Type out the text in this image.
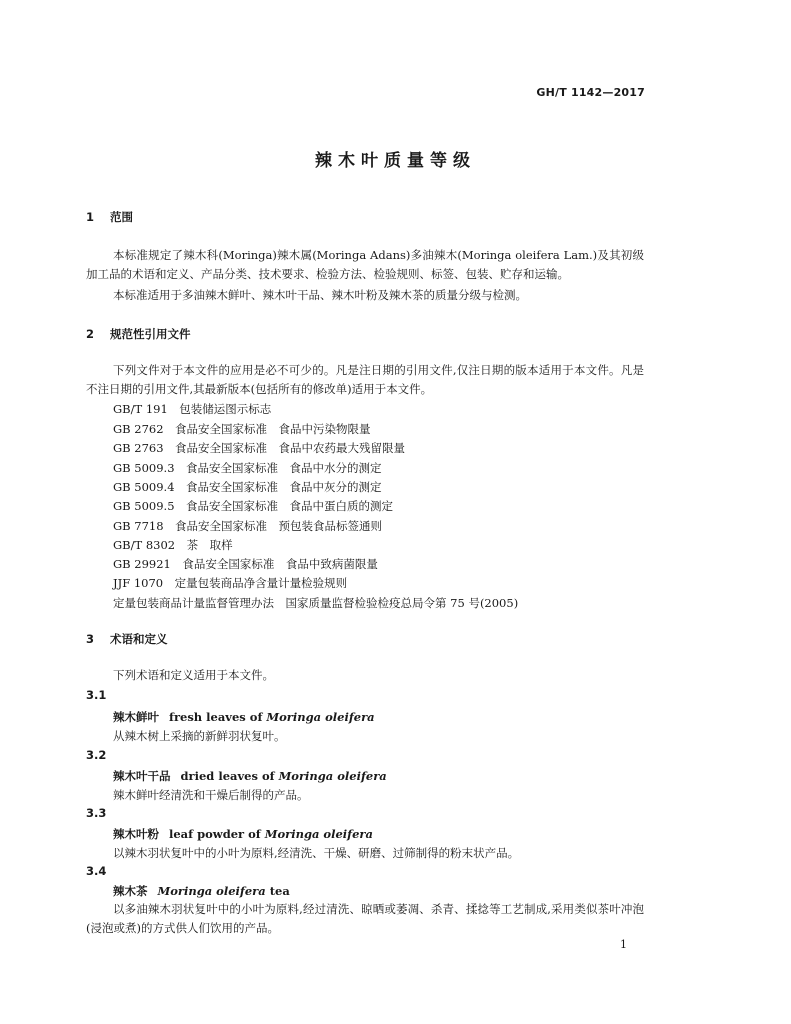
GH/T 1142—2017
辣木叶质量等级
1 范围
本标准规定了辣木科(Moringa)辣木属(Moringa Adans)多油辣木(Moringa oleifera Lam.)及其初级加工品的术语和定义、产品分类、技术要求、检验方法、检验规则、标签、包装、贮存和运输。
本标准适用于多油辣木鲜叶、辣木叶干品、辣木叶粉及辣木茶的质量分级与检测。
2 规范性引用文件
下列文件对于本文件的应用是必不可少的。凡是注日期的引用文件,仅注日期的版本适用于本文件。凡是不注日期的引用文件,其最新版本(包括所有的修改单)适用于本文件。
GB/T 191　包装储运图示标志
GB 2762　食品安全国家标准　食品中污染物限量
GB 2763　食品安全国家标准　食品中农药最大残留限量
GB 5009.3　食品安全国家标准　食品中水分的测定
GB 5009.4　食品安全国家标准　食品中灰分的测定
GB 5009.5　食品安全国家标准　食品中蛋白质的测定
GB 7718　食品安全国家标准　预包装食品标签通则
GB/T 8302　茶　取样
GB 29921　食品安全国家标准　食品中致病菌限量
JJF 1070　定量包装商品净含量计量检验规则
定量包装商品计量监督管理办法　国家质量监督检验检疫总局令第 75 号(2005)
3 术语和定义
下列术语和定义适用于本文件。
3.1
辣木鲜叶 fresh leaves of Moringa oleifera
从辣木树上采摘的新鲜羽状复叶。
3.2
辣木叶干品 dried leaves of Moringa oleifera
辣木鲜叶经清洗和干燥后制得的产品。
3.3
辣木叶粉 leaf powder of Moringa oleifera
以辣木羽状复叶中的小叶为原料,经清洗、干燥、研磨、过筛制得的粉末状产品。
3.4
辣木茶 Moringa oleifera tea
以多油辣木羽状复叶中的小叶为原料,经过清洗、晾晒或萎凋、杀青、揉捻等工艺制成,采用类似茶叶冲泡(浸泡或煮)的方式供人们饮用的产品。
1
